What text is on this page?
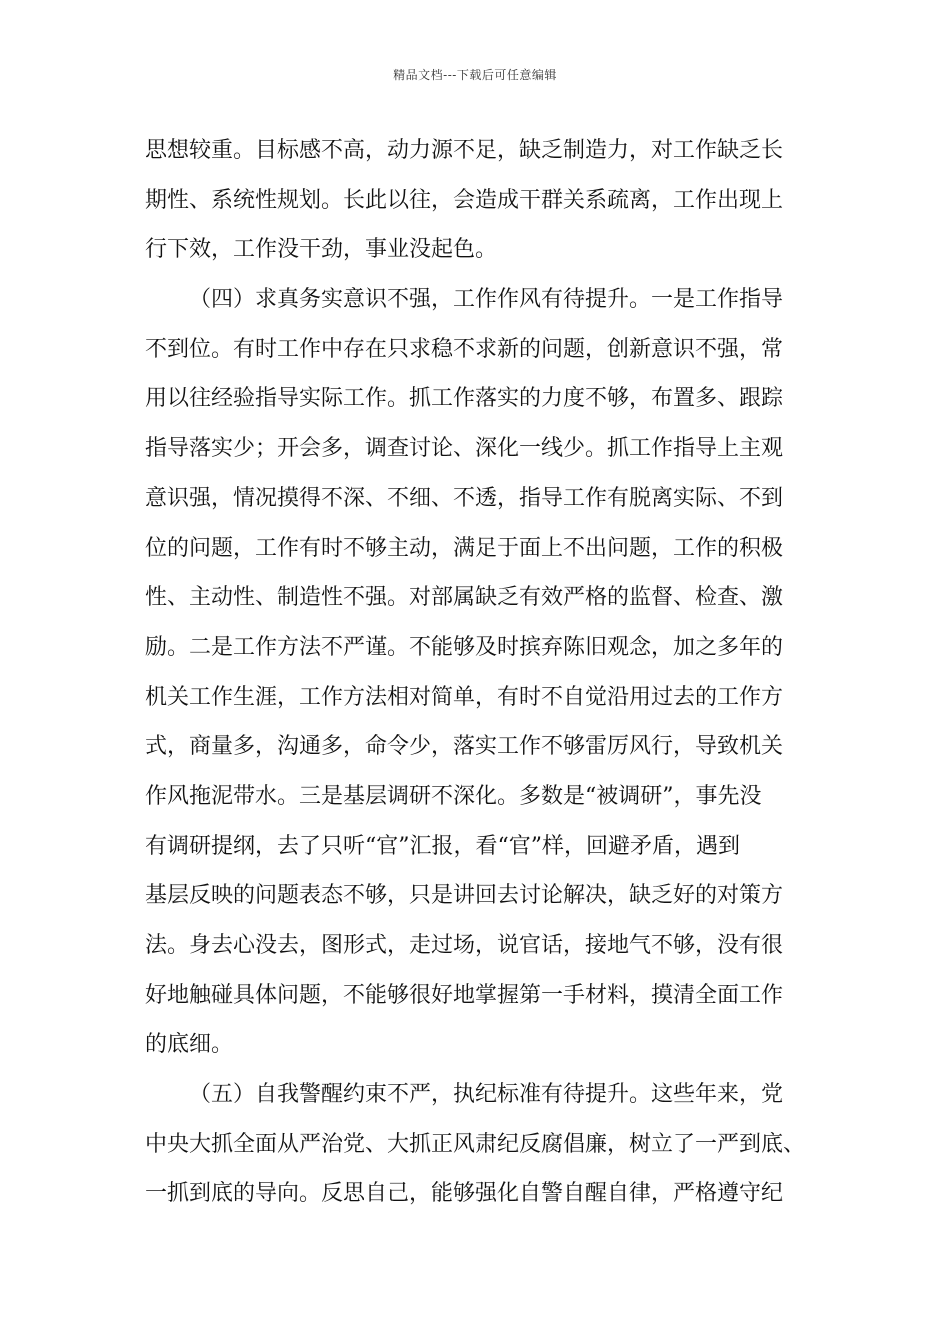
精品文档---下载后可任意编辑
思想较重。目标感不高，动力源不足，缺乏制造力，对工作缺乏长
期性、系统性规划。长此以往，会造成干群关系疏离，工作出现上
行下效，工作没干劲，事业没起色。
（四）求真务实意识不强，工作作风有待提升。一是工作指导
不到位。有时工作中存在只求稳不求新的问题，创新意识不强，常
用以往经验指导实际工作。抓工作落实的力度不够，布置多、跟踪
指导落实少；开会多，调查讨论、深化一线少。抓工作指导上主观
意识强，情况摸得不深、不细、不透，指导工作有脱离实际、不到
位的问题，工作有时不够主动，满足于面上不出问题，工作的积极
性、主动性、制造性不强。对部属缺乏有效严格的监督、检查、激
励。二是工作方法不严谨。不能够及时摈弃陈旧观念，加之多年的
机关工作生涯，工作方法相对简单，有时不自觉沿用过去的工作方
式，商量多，沟通多，命令少，落实工作不够雷厉风行，导致机关
作风拖泥带水。三是基层调研不深化。多数是“被调研”，事先没
有调研提纲，去了只听“官”汇报，看“官”样，回避矛盾，遇到
基层反映的问题表态不够，只是讲回去讨论解决，缺乏好的对策方
法。身去心没去，图形式，走过场，说官话，接地气不够，没有很
好地触碰具体问题，不能够很好地掌握第一手材料，摸清全面工作
的底细。
（五）自我警醒约束不严，执纪标准有待提升。这些年来，党
中央大抓全面从严治党、大抓正风肃纪反腐倡廉，树立了一严到底、
一抓到底的导向。反思自己，能够强化自警自醒自律，严格遵守纪
